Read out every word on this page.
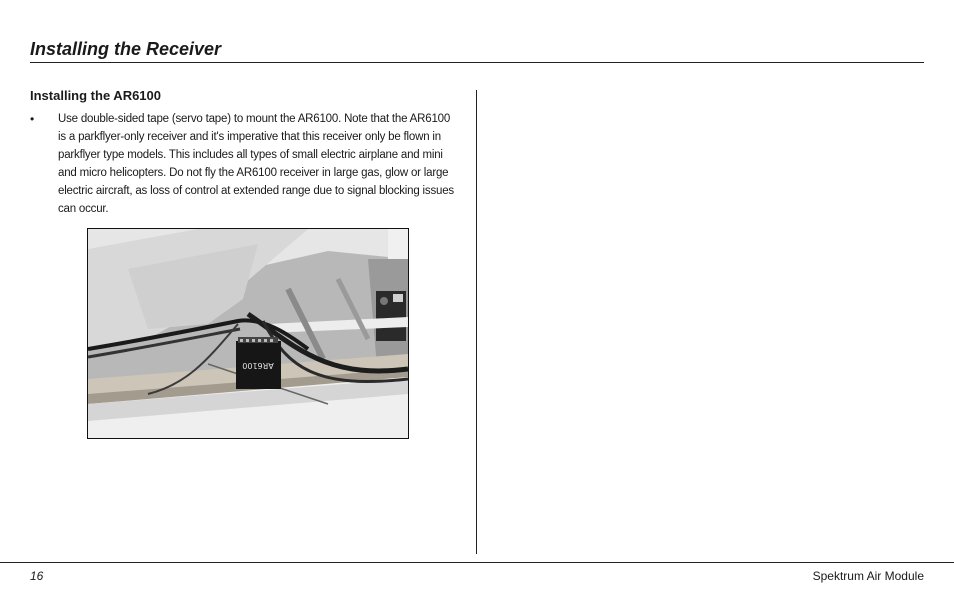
Installing the Receiver
Installing the AR6100
•	Use double-sided tape (servo tape) to mount the AR6100. Note that the AR6100 is a parkflyer-only receiver and it's imperative that this receiver only be flown in parkflyer type models. This includes all types of small electric airplane and mini and micro helicopters. Do not fly the AR6100 receiver in large gas, glow or large electric aircraft, as loss of control at extended range due to signal blocking issues can occur.
AR6100
16	Spektrum Air Module
